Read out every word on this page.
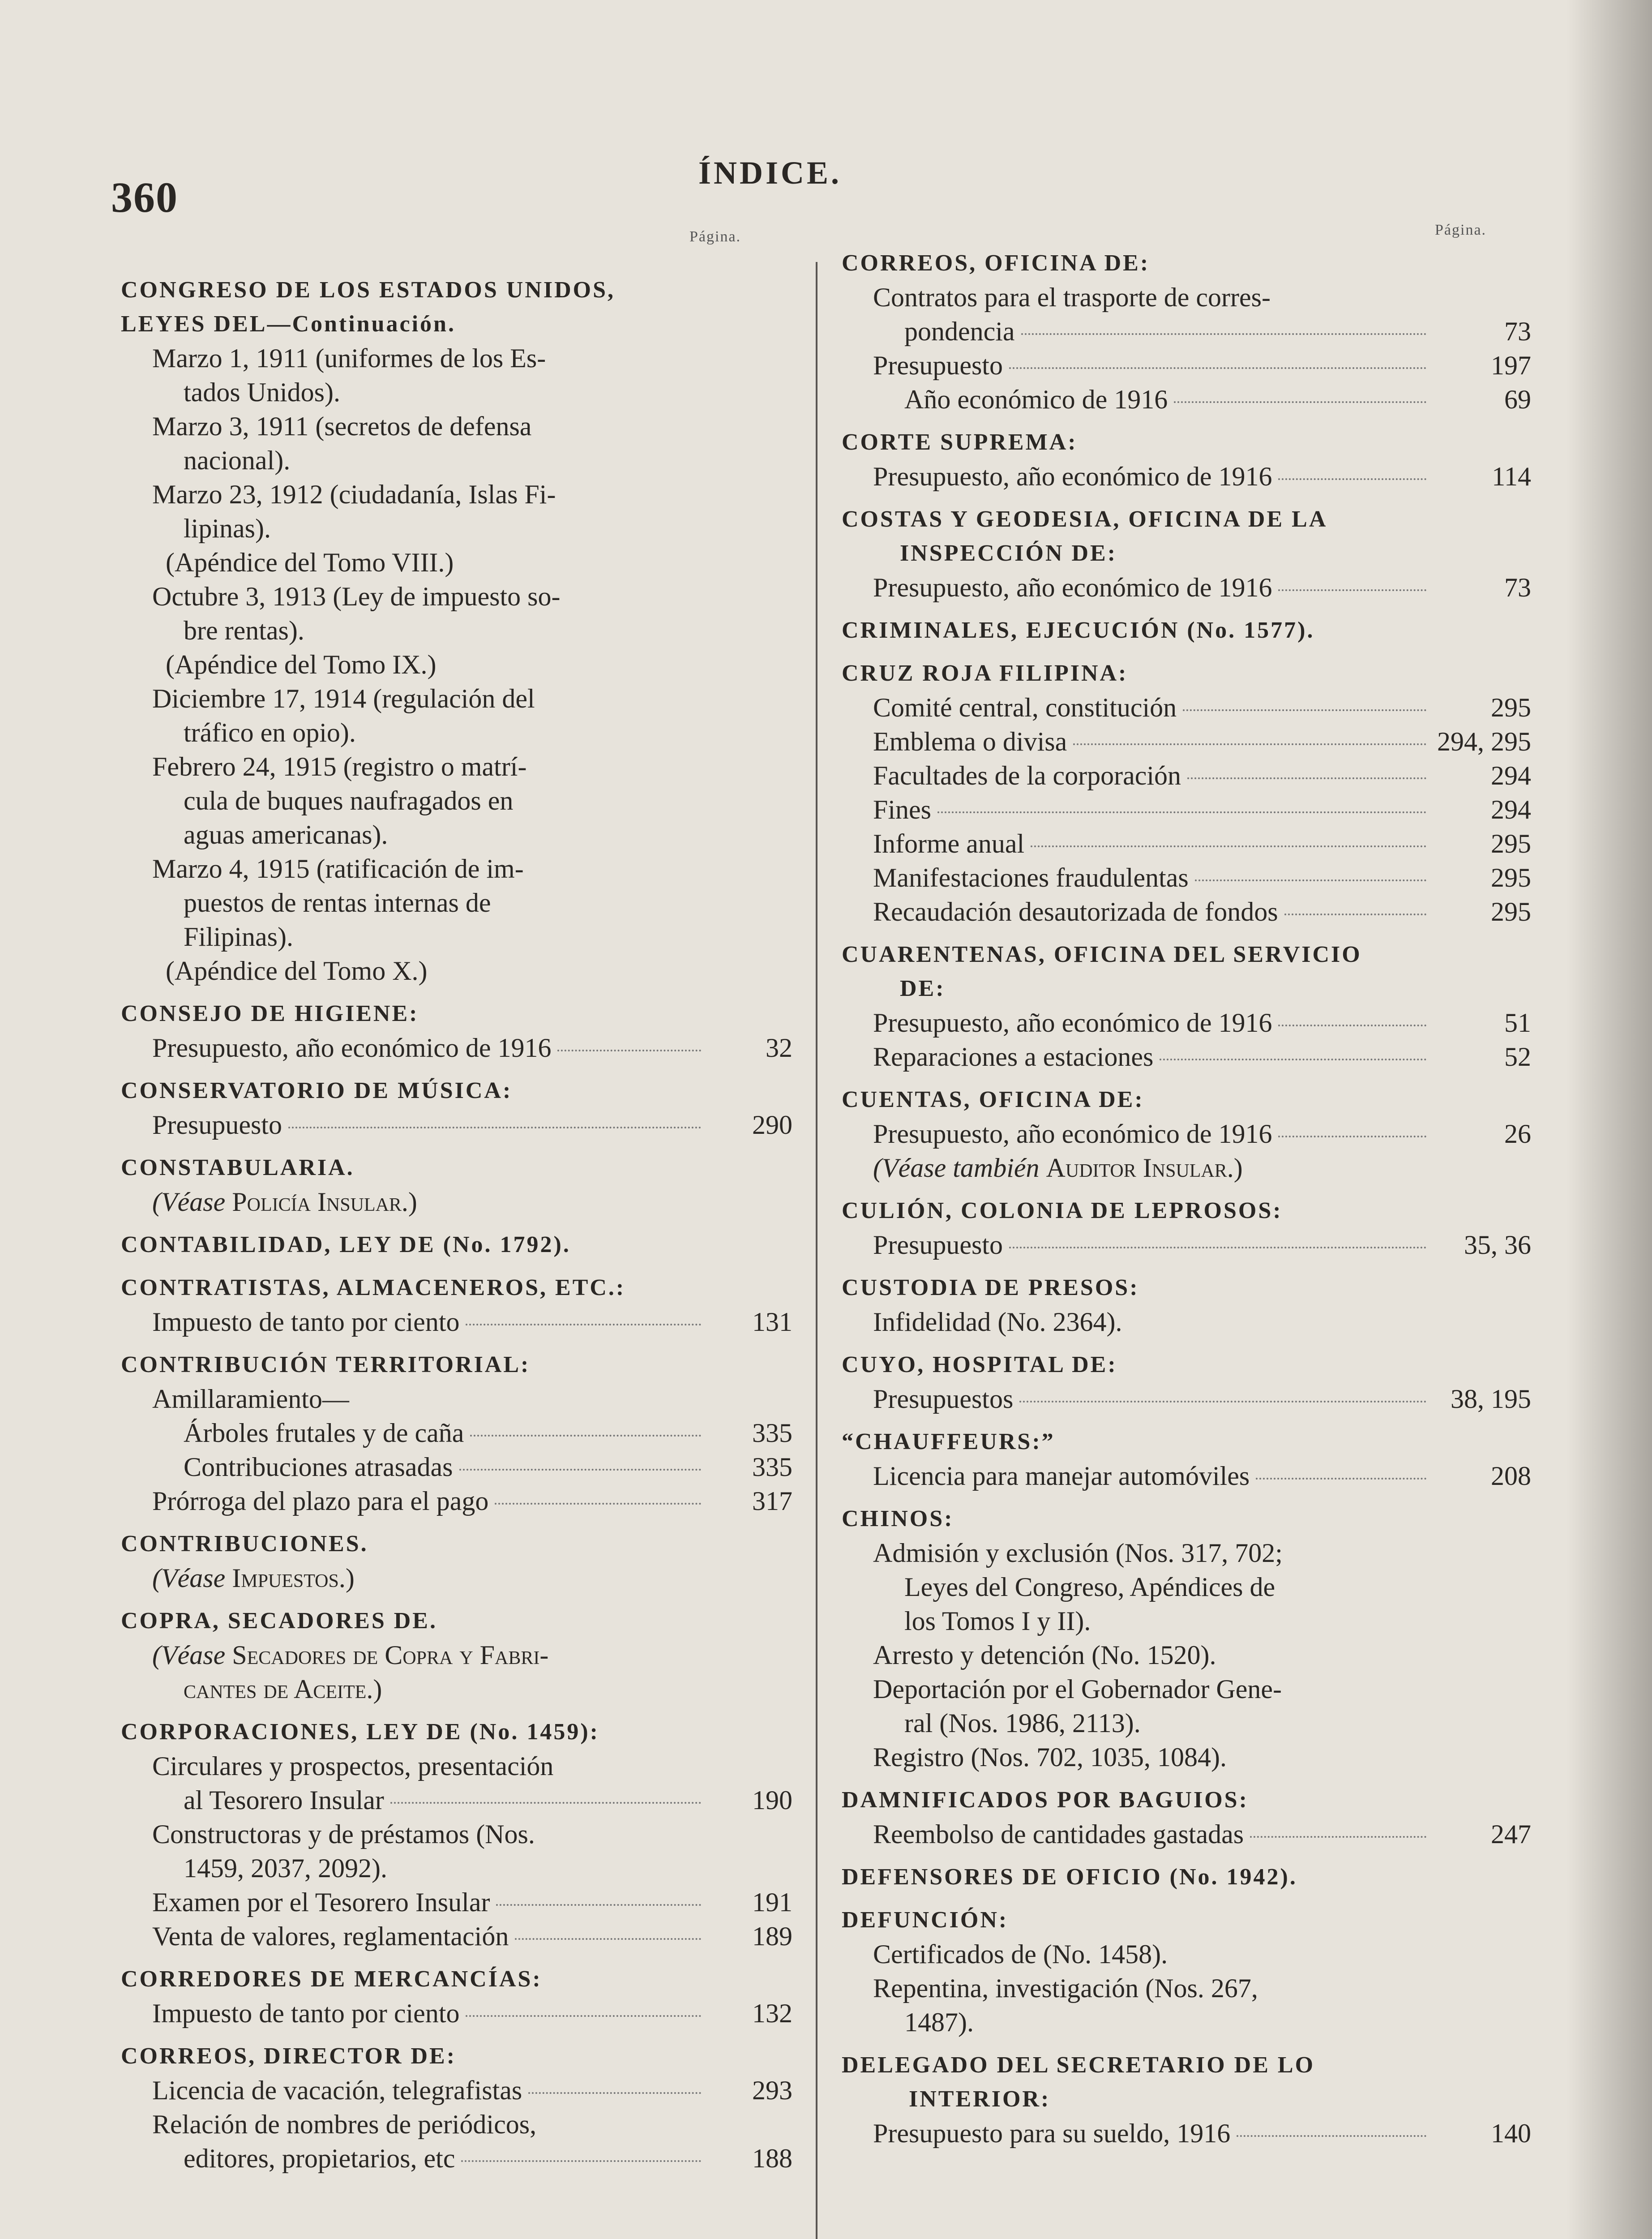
360
ÍNDICE.
Página.	Página.
CONGRESO DE LOS ESTADOS UNIDOS,
LEYES DEL—Continuación.
Marzo 1, 1911 (uniformes de los Es-
tados Unidos).
Marzo 3, 1911 (secretos de defensa
nacional).
Marzo 23, 1912 (ciudadanía, Islas Fi-
lipinas).
(Apéndice del Tomo VIII.)
Octubre 3, 1913 (Ley de impuesto so-
bre rentas).
(Apéndice del Tomo IX.)
Diciembre 17, 1914 (regulación del
tráfico en opio).
Febrero 24, 1915 (registro o matrí-
cula de buques naufragados en
aguas americanas).
Marzo 4, 1915 (ratificación de im-
puestos de rentas internas de
Filipinas).
(Apéndice del Tomo X.)
CONSEJO DE HIGIENE:
Presupuesto, año económico de 1916	32
CONSERVATORIO DE MÚSICA:
Presupuesto	290
CONSTABULARIA.
(Véase Policía Insular.)
CONTABILIDAD, LEY DE (No. 1792).
CONTRATISTAS, ALMACENEROS, ETC.:
Impuesto de tanto por ciento	131
CONTRIBUCIÓN TERRITORIAL:
Amillaramiento—
Árboles frutales y de caña	335
Contribuciones atrasadas	335
Prórroga del plazo para el pago	317
CONTRIBUCIONES.
(Véase Impuestos.)
COPRA, SECADORES DE.
(Véase Secadores de Copra y Fabri-
cantes de Aceite.)
CORPORACIONES, LEY DE (No. 1459):
Circulares y prospectos, presentación
al Tesorero Insular	190
Constructoras y de préstamos (Nos.
1459, 2037, 2092).
Examen por el Tesorero Insular	191
Venta de valores, reglamentación	189
CORREDORES DE MERCANCÍAS:
Impuesto de tanto por ciento	132
CORREOS, DIRECTOR DE:
Licencia de vacación, telegrafistas	293
Relación de nombres de periódicos,
editores, propietarios, etc	188
CORREOS, OFICINA DE:
Contratos para el trasporte de corres-
pondencia	73
Presupuesto	197
Año económico de 1916	69
CORTE SUPREMA:
Presupuesto, año económico de 1916	114
COSTAS Y GEODESIA, OFICINA DE LA
INSPECCIÓN DE:
Presupuesto, año económico de 1916	73
CRIMINALES, EJECUCIÓN (No. 1577).
CRUZ ROJA FILIPINA:
Comité central, constitución	295
Emblema o divisa	294, 295
Facultades de la corporación	294
Fines	294
Informe anual	295
Manifestaciones fraudulentas	295
Recaudación desautorizada de fondos	295
CUARENTENAS, OFICINA DEL SERVICIO
DE:
Presupuesto, año económico de 1916	51
Reparaciones a estaciones	52
CUENTAS, OFICINA DE:
Presupuesto, año económico de 1916	26
(Véase también Auditor Insular.)
CULIÓN, COLONIA DE LEPROSOS:
Presupuesto	35, 36
CUSTODIA DE PRESOS:
Infidelidad (No. 2364).
CUYO, HOSPITAL DE:
Presupuestos	38, 195
“CHAUFFEURS:”
Licencia para manejar automóviles	208
CHINOS:
Admisión y exclusión (Nos. 317, 702;
Leyes del Congreso, Apéndices de
los Tomos I y II).
Arresto y detención (No. 1520).
Deportación por el Gobernador Gene-
ral (Nos. 1986, 2113).
Registro (Nos. 702, 1035, 1084).
DAMNIFICADOS POR BAGUIOS:
Reembolso de cantidades gastadas	247
DEFENSORES DE OFICIO (No. 1942).
DEFUNCIÓN:
Certificados de (No. 1458).
Repentina, investigación (Nos. 267,
1487).
DELEGADO DEL SECRETARIO DE LO
INTERIOR:
Presupuesto para su sueldo, 1916	140
